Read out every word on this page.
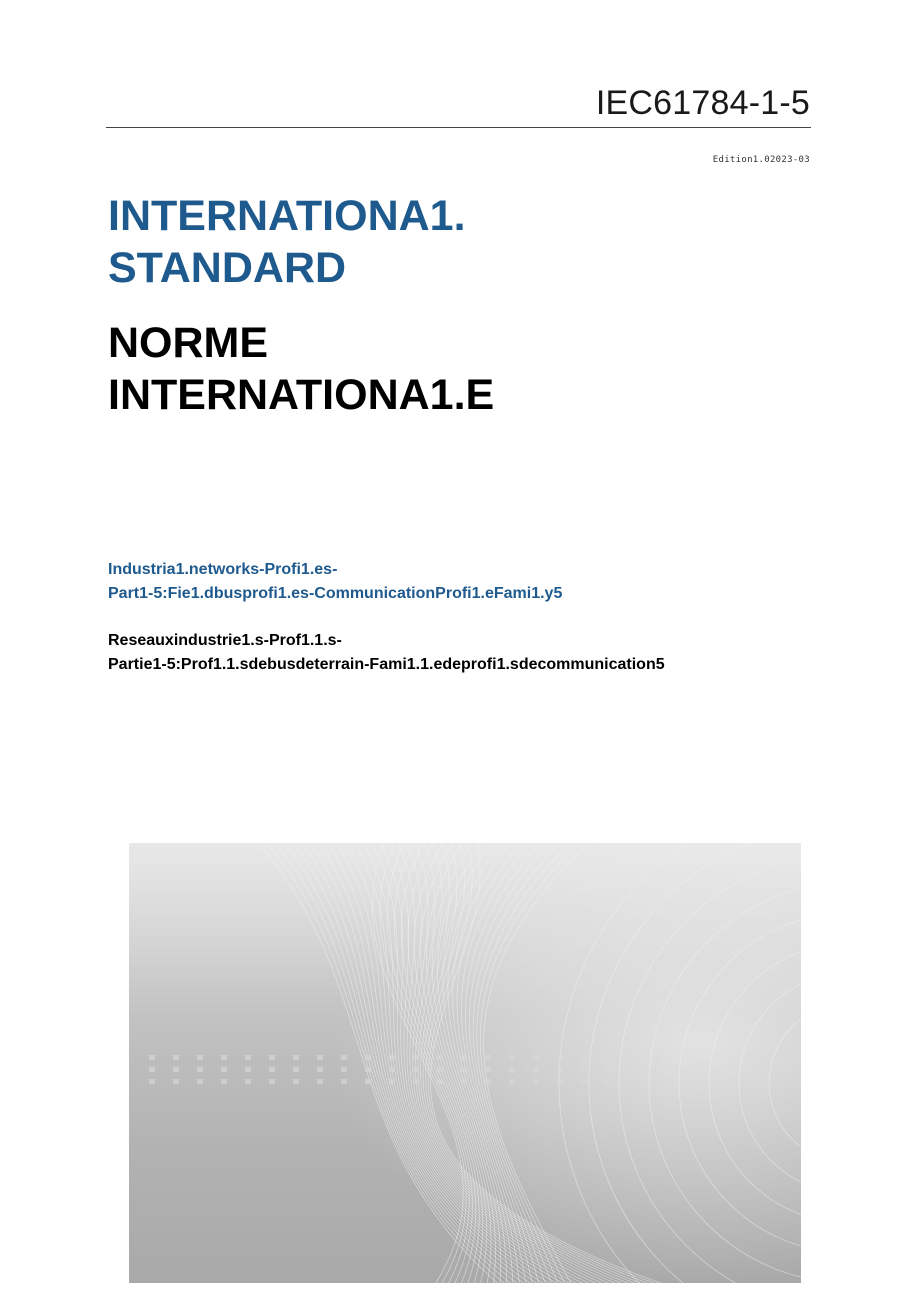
IEC61784-1-5
Edition1.02023-03
INTERNATIONA1.
STANDARD
NORME
INTERNATIONA1.E
Industria1.networks-Profi1.es-
Part1-5:Fie1.dbusprofi1.es-CommunicationProfi1.eFami1.y5
Reseauxindustrie1.s-Prof1.1.s-
Partie1-5:Prof1.1.sdebusdeterrain-Fami1.1.edeprofi1.sdecommunication5
